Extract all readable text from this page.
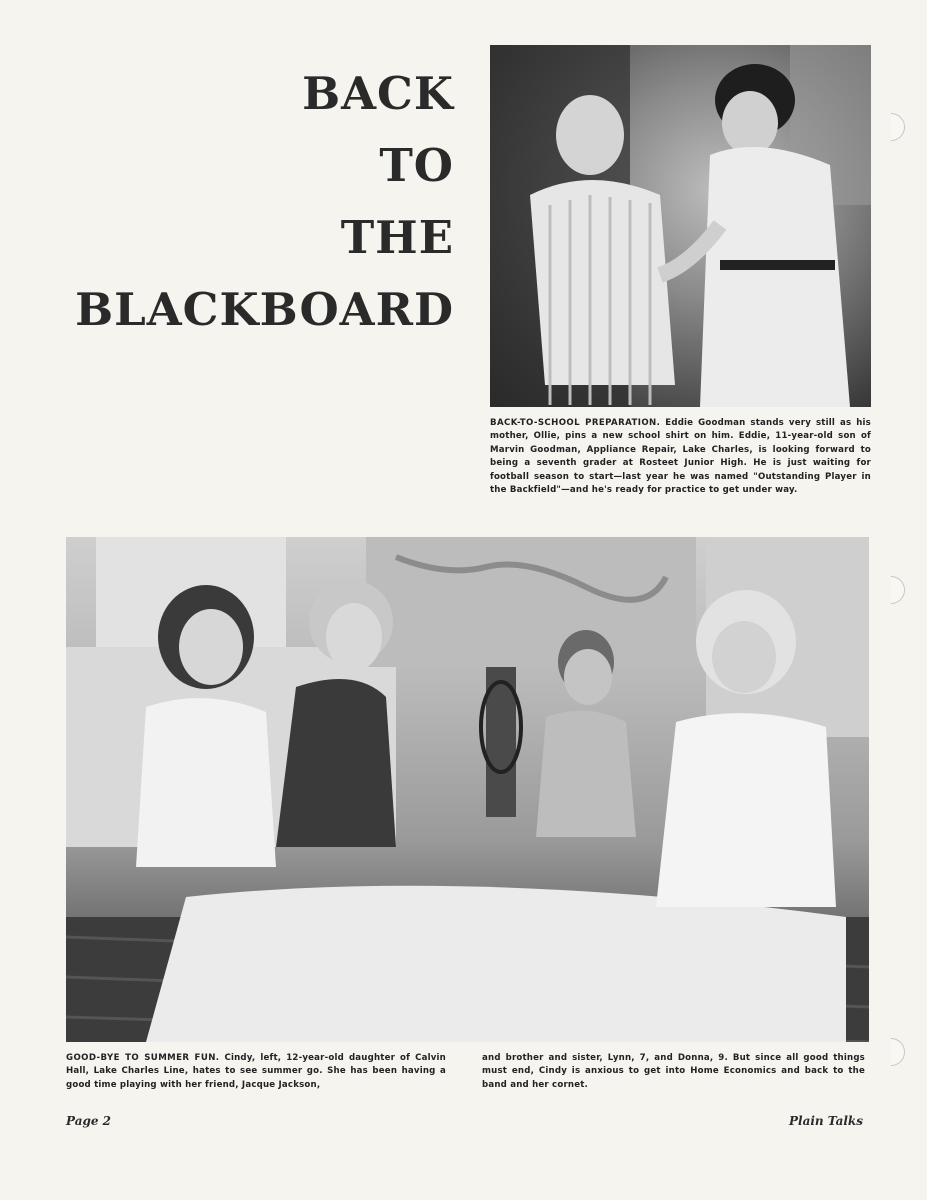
BACK
TO
THE
BLACKBOARD
BACK-TO-SCHOOL PREPARATION. Eddie Goodman stands very still as his mother, Ollie, pins a new school shirt on him. Eddie, 11-year-old son of Marvin Goodman, Appliance Repair, Lake Charles, is looking forward to being a seventh grader at Rosteet Junior High. He is just waiting for football season to start—last year he was named "Outstanding Player in the Backfield"—and he's ready for practice to get under way.
GOOD-BYE TO SUMMER FUN. Cindy, left, 12-year-old daughter of Calvin Hall, Lake Charles Line, hates to see summer go. She has been having a good time playing with her friend, Jacque Jackson,
and brother and sister, Lynn, 7, and Donna, 9. But since all good things must end, Cindy is anxious to get into Home Economics and back to the band and her cornet.
Page 2	Plain Talks
